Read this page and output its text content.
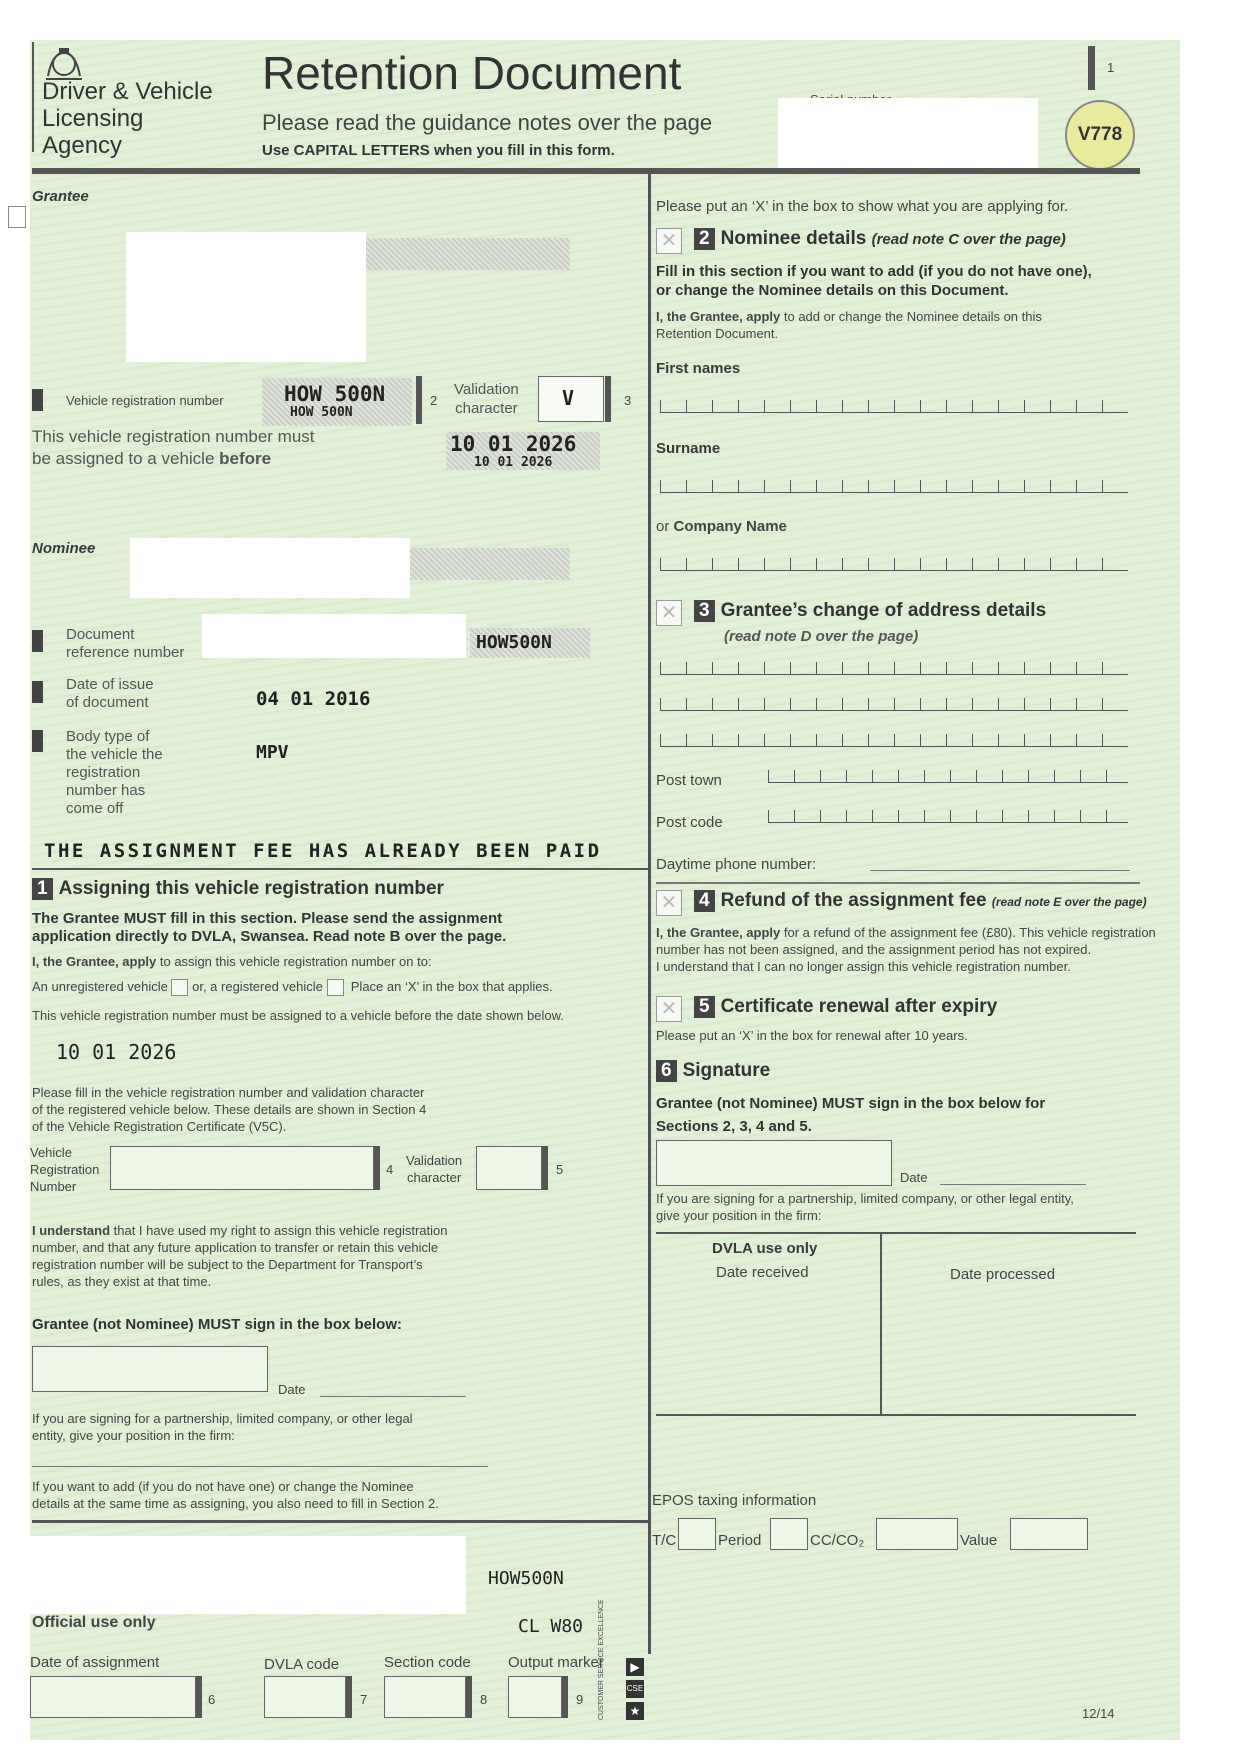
Driver & Vehicle
Licensing
Agency
Retention Document
Please read the guidance notes over the page
Use CAPITAL LETTERS when you fill in this form.
1
V778
Grantee
Vehicle registration number	HOW 500N
HOW 500N
2
Validation
character V	3
This vehicle registration number must
be assigned to a vehicle before
10 01 2026
10 01 2026
Nominee
Document
reference number	HOW500N
Date of issue
of document	04 01 2016
Body type of
the vehicle the
registration
number has
come off
MPV
THE ASSIGNMENT FEE HAS ALREADY BEEN PAID
1 Assigning this vehicle registration number
The Grantee MUST fill in this section. Please send the assignment
application directly to DVLA, Swansea. Read note B over the page.
I, the Grantee, apply to assign this vehicle registration number on to:
An unregistered vehicle  or, a registered vehicle Place an ‘X’ in the box that applies.
This vehicle registration number must be assigned to a vehicle before the date shown below.
10 01 2026
Please fill in the vehicle registration number and validation character
of the registered vehicle below. These details are shown in Section 4
of the Vehicle Registration Certificate (V5C).
Vehicle
Registration
Number
4
Validation
character
5
I understand that I have used my right to assign this vehicle registration
number, and that any future application to transfer or retain this vehicle
registration number will be subject to the Department for Transport’s
rules, as they exist at that time.
Grantee (not Nominee) MUST sign in the box below:
Date
If you are signing for a partnership, limited company, or other legal
entity, give your position in the firm:
If you want to add (if you do not have one) or change the Nominee
details at the same time as assigning, you also need to fill in Section 2.
HOW500N
CL W80
Official use only
Date of assignment
6
DVLA code
7
Section code
8
Output marker
9 CUSTOMER SERVICE EXCELLENCE	▶
CSE
★	12/14
Please put an ‘X’ in the box to show what you are applying for.
✕ 2 Nominee details (read note C over the page)
Fill in this section if you want to add (if you do not have one),
or change the Nominee details on this Document.
I, the Grantee, apply to add or change the Nominee details on this
Retention Document.
First names
Surname
or Company Name
✕ 3 Grantee’s change of address details
(read note D over the page)
Post town
Post code
Daytime phone number:
✕ 4 Refund of the assignment fee (read note E over the page)
I, the Grantee, apply for a refund of the assignment fee (£80). This vehicle registration
number has not been assigned, and the assignment period has not expired.
I understand that I can no longer assign this vehicle registration number.
✕ 5 Certificate renewal after expiry
Please put an ‘X’ in the box for renewal after 10 years.
6 Signature
Grantee (not Nominee) MUST sign in the box below for
Sections 2, 3, 4 and 5.
Date
If you are signing for a partnership, limited company, or other legal entity,
give your position in the firm:
DVLA use only
Date received	Date processed
EPOS taxing information
T/C	Period	CC/CO₂	Value
